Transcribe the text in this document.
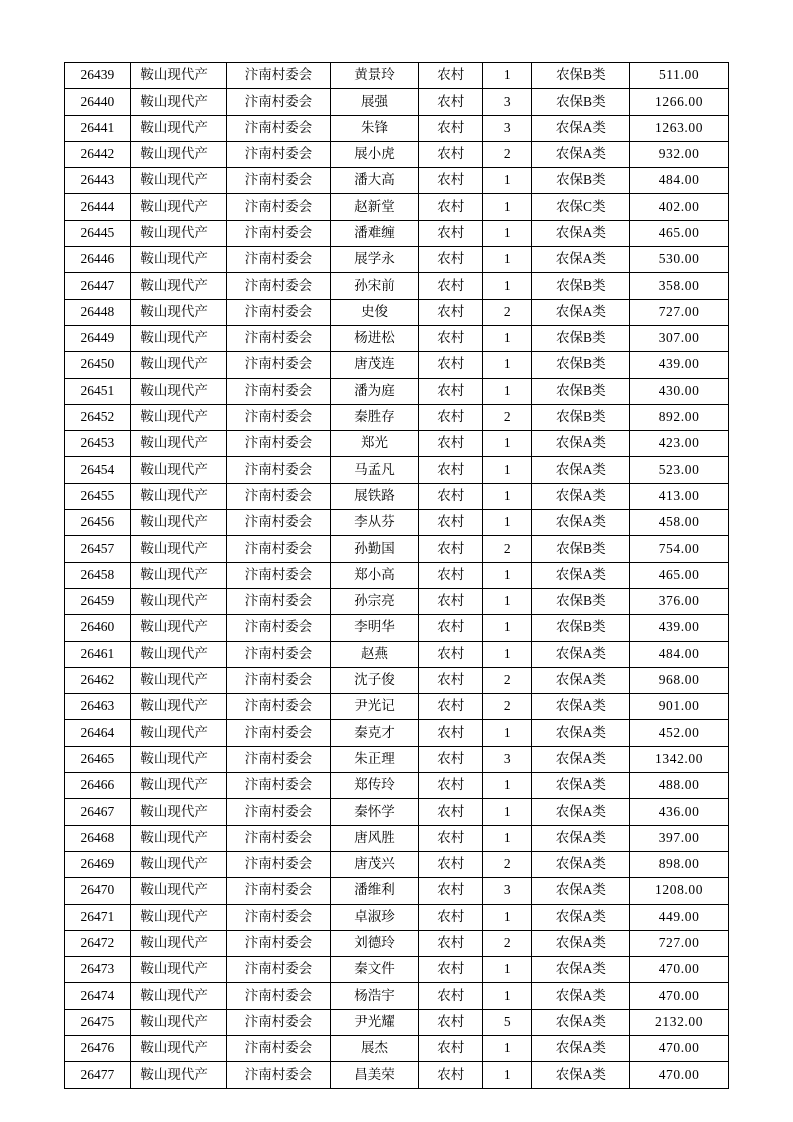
26439	鞍山现代产	汴南村委会	黄景玲	农村	1	农保B类	511.00
26440	鞍山现代产	汴南村委会	展强	农村	3	农保B类	1266.00
26441	鞍山现代产	汴南村委会	朱锋	农村	3	农保A类	1263.00
26442	鞍山现代产	汴南村委会	展小虎	农村	2	农保A类	932.00
26443	鞍山现代产	汴南村委会	潘大高	农村	1	农保B类	484.00
26444	鞍山现代产	汴南村委会	赵新堂	农村	1	农保C类	402.00
26445	鞍山现代产	汴南村委会	潘难缠	农村	1	农保A类	465.00
26446	鞍山现代产	汴南村委会	展学永	农村	1	农保A类	530.00
26447	鞍山现代产	汴南村委会	孙宋前	农村	1	农保B类	358.00
26448	鞍山现代产	汴南村委会	史俊	农村	2	农保A类	727.00
26449	鞍山现代产	汴南村委会	杨进松	农村	1	农保B类	307.00
26450	鞍山现代产	汴南村委会	唐茂连	农村	1	农保B类	439.00
26451	鞍山现代产	汴南村委会	潘为庭	农村	1	农保B类	430.00
26452	鞍山现代产	汴南村委会	秦胜存	农村	2	农保B类	892.00
26453	鞍山现代产	汴南村委会	郑光	农村	1	农保A类	423.00
26454	鞍山现代产	汴南村委会	马孟凡	农村	1	农保A类	523.00
26455	鞍山现代产	汴南村委会	展铁路	农村	1	农保A类	413.00
26456	鞍山现代产	汴南村委会	李从芬	农村	1	农保A类	458.00
26457	鞍山现代产	汴南村委会	孙勤国	农村	2	农保B类	754.00
26458	鞍山现代产	汴南村委会	郑小高	农村	1	农保A类	465.00
26459	鞍山现代产	汴南村委会	孙宗亮	农村	1	农保B类	376.00
26460	鞍山现代产	汴南村委会	李明华	农村	1	农保B类	439.00
26461	鞍山现代产	汴南村委会	赵燕	农村	1	农保A类	484.00
26462	鞍山现代产	汴南村委会	沈子俊	农村	2	农保A类	968.00
26463	鞍山现代产	汴南村委会	尹光记	农村	2	农保A类	901.00
26464	鞍山现代产	汴南村委会	秦克才	农村	1	农保A类	452.00
26465	鞍山现代产	汴南村委会	朱正理	农村	3	农保A类	1342.00
26466	鞍山现代产	汴南村委会	郑传玲	农村	1	农保A类	488.00
26467	鞍山现代产	汴南村委会	秦怀学	农村	1	农保A类	436.00
26468	鞍山现代产	汴南村委会	唐风胜	农村	1	农保A类	397.00
26469	鞍山现代产	汴南村委会	唐茂兴	农村	2	农保A类	898.00
26470	鞍山现代产	汴南村委会	潘维利	农村	3	农保A类	1208.00
26471	鞍山现代产	汴南村委会	卓淑珍	农村	1	农保A类	449.00
26472	鞍山现代产	汴南村委会	刘德玲	农村	2	农保A类	727.00
26473	鞍山现代产	汴南村委会	秦文件	农村	1	农保A类	470.00
26474	鞍山现代产	汴南村委会	杨浩宇	农村	1	农保A类	470.00
26475	鞍山现代产	汴南村委会	尹光耀	农村	5	农保A类	2132.00
26476	鞍山现代产	汴南村委会	展杰	农村	1	农保A类	470.00
26477	鞍山现代产	汴南村委会	昌美荣	农村	1	农保A类	470.00
